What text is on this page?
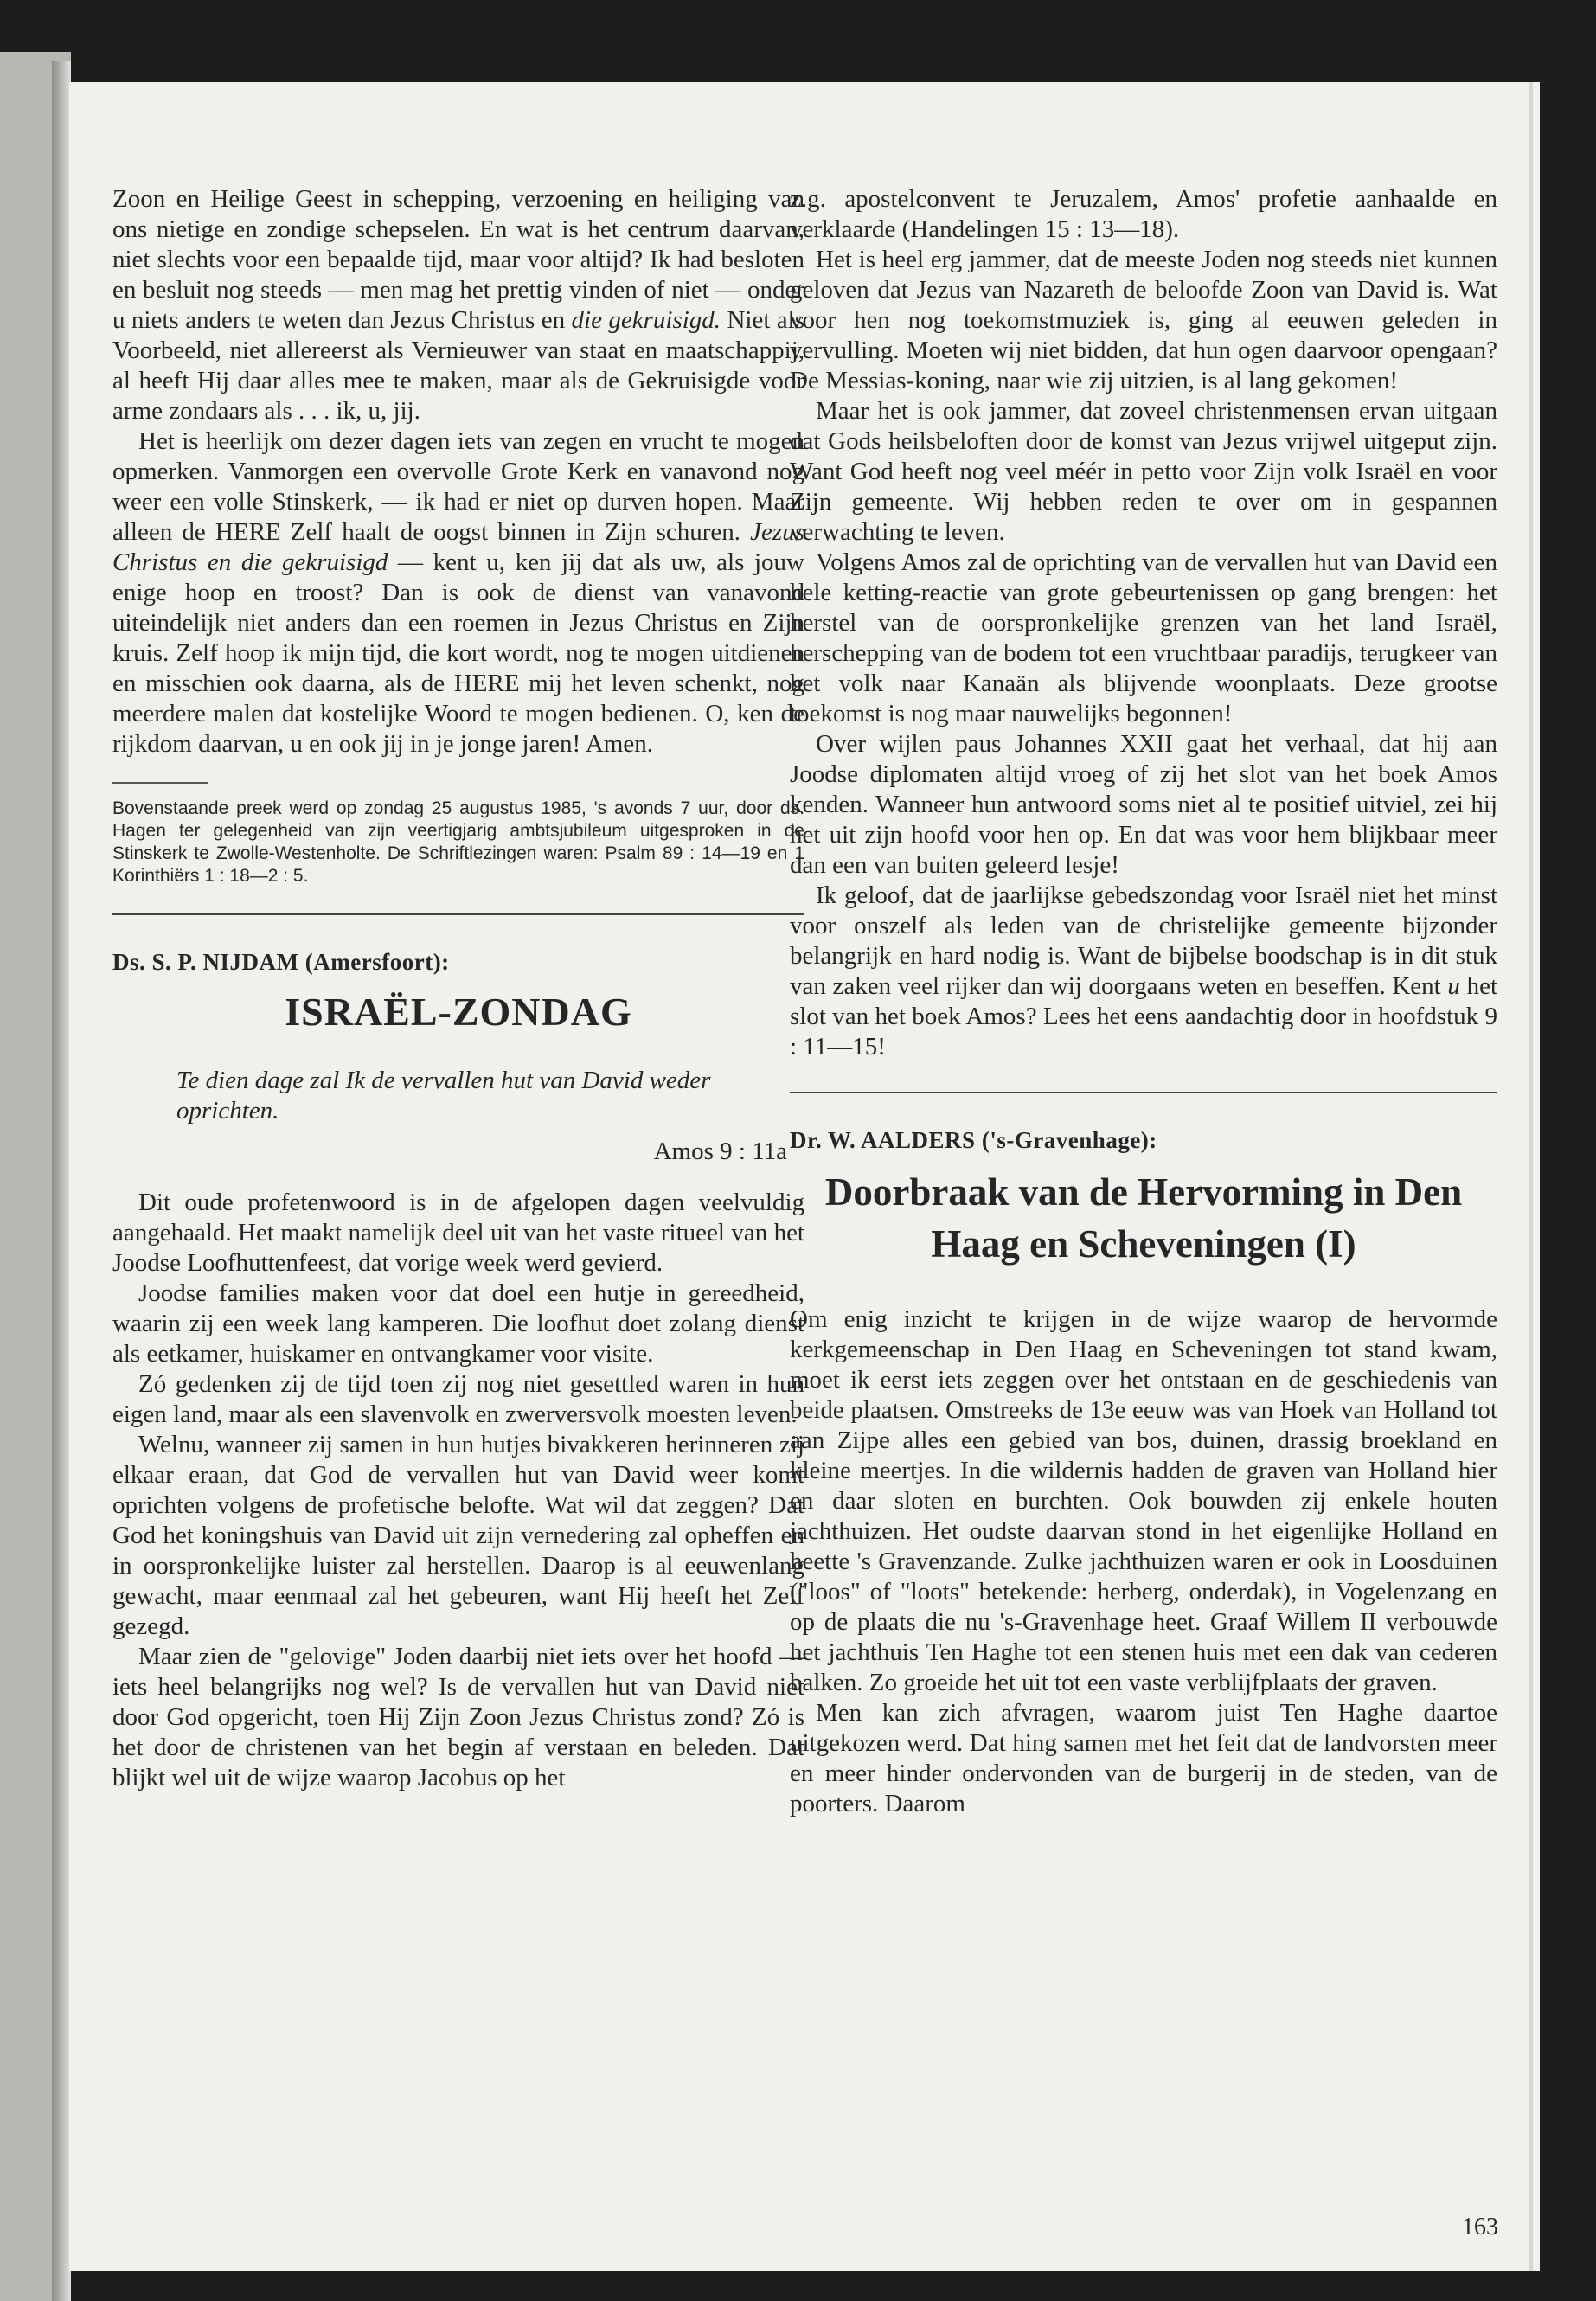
Zoon en Heilige Geest in schepping, verzoening en heiliging van ons nietige en zondige schepselen. En wat is het centrum daarvan, niet slechts voor een bepaalde tijd, maar voor altijd? Ik had besloten en besluit nog steeds — men mag het prettig vinden of niet — onder u niets anders te weten dan Jezus Christus en die gekruisigd. Niet als Voorbeeld, niet allereerst als Vernieuwer van staat en maatschappij, al heeft Hij daar alles mee te maken, maar als de Gekruisigde voor arme zondaars als . . . ik, u, jij.

Het is heerlijk om dezer dagen iets van zegen en vrucht te mogen opmerken. Vanmorgen een overvolle Grote Kerk en vanavond nog weer een volle Stinskerk, — ik had er niet op durven hopen. Maar alleen de HERE Zelf haalt de oogst binnen in Zijn schuren. Jezus Christus en die gekruisigd — kent u, ken jij dat als uw, als jouw enige hoop en troost? Dan is ook de dienst van vanavond uiteindelijk niet anders dan een roemen in Jezus Christus en Zijn kruis. Zelf hoop ik mijn tijd, die kort wordt, nog te mogen uitdienen en misschien ook daarna, als de HERE mij het leven schenkt, nog meerdere malen dat kostelijke Woord te mogen bedienen. O, ken de rijkdom daarvan, u en ook jij in je jonge jaren! Amen.

Bovenstaande preek werd op zondag 25 augustus 1985, 's avonds 7 uur, door ds. Hagen ter gelegenheid van zijn veertigjarig ambtsjubileum uitgesproken in de Stinskerk te Zwolle-Westenholte. De Schriftlezingen waren: Psalm 89 : 14—19 en 1 Korinthiërs 1 : 18—2 : 5.

Ds. S. P. NIJDAM (Amersfoort):

ISRAËL-ZONDAG

Te dien dage zal Ik de vervallen hut van David weder oprichten.

Amos 9 : 11a

Dit oude profetenwoord is in de afgelopen dagen veelvuldig aangehaald. Het maakt namelijk deel uit van het vaste ritueel van het Joodse Loofhuttenfeest, dat vorige week werd gevierd.

Joodse families maken voor dat doel een hutje in gereedheid, waarin zij een week lang kamperen. Die loofhut doet zolang dienst als eetkamer, huiskamer en ontvangkamer voor visite.

Zó gedenken zij de tijd toen zij nog niet gesettled waren in hun eigen land, maar als een slavenvolk en zwerversvolk moesten leven.

Welnu, wanneer zij samen in hun hutjes bivakkeren herinneren zij elkaar eraan, dat God de vervallen hut van David weer komt oprichten volgens de profetische belofte. Wat wil dat zeggen? Dat God het koningshuis van David uit zijn vernedering zal opheffen en in oorspronkelijke luister zal herstellen. Daarop is al eeuwenlang gewacht, maar eenmaal zal het gebeuren, want Hij heeft het Zelf gezegd.

Maar zien de "gelovige" Joden daarbij niet iets over het hoofd — iets heel belangrijks nog wel? Is de vervallen hut van David niet door God opgericht, toen Hij Zijn Zoon Jezus Christus zond? Zó is het door de christenen van het begin af verstaan en beleden. Dat blijkt wel uit de wijze waarop Jacobus op het

z.g. apostelconvent te Jeruzalem, Amos' profetie aanhaalde en verklaarde (Handelingen 15 : 13—18).

Het is heel erg jammer, dat de meeste Joden nog steeds niet kunnen geloven dat Jezus van Nazareth de beloofde Zoon van David is. Wat voor hen nog toekomstmuziek is, ging al eeuwen geleden in vervulling. Moeten wij niet bidden, dat hun ogen daarvoor opengaan? De Messias-koning, naar wie zij uitzien, is al lang gekomen!

Maar het is ook jammer, dat zoveel christenmensen ervan uitgaan dat Gods heilsbeloften door de komst van Jezus vrijwel uitgeput zijn. Want God heeft nog veel méér in petto voor Zijn volk Israël en voor Zijn gemeente. Wij hebben reden te over om in gespannen verwachting te leven.

Volgens Amos zal de oprichting van de vervallen hut van David een hele ketting-reactie van grote gebeurtenissen op gang brengen: het herstel van de oorspronkelijke grenzen van het land Israël, herschepping van de bodem tot een vruchtbaar paradijs, terugkeer van het volk naar Kanaän als blijvende woonplaats. Deze grootse toekomst is nog maar nauwelijks begonnen!

Over wijlen paus Johannes XXII gaat het verhaal, dat hij aan Joodse diplomaten altijd vroeg of zij het slot van het boek Amos kenden. Wanneer hun antwoord soms niet al te positief uitviel, zei hij het uit zijn hoofd voor hen op. En dat was voor hem blijkbaar meer dan een van buiten geleerd lesje!

Ik geloof, dat de jaarlijkse gebedszondag voor Israël niet het minst voor onszelf als leden van de christelijke gemeente bijzonder belangrijk en hard nodig is. Want de bijbelse boodschap is in dit stuk van zaken veel rijker dan wij doorgaans weten en beseffen. Kent u het slot van het boek Amos? Lees het eens aandachtig door in hoofdstuk 9 : 11—15!

Dr. W. AALDERS ('s-Gravenhage):

Doorbraak van de Hervorming in Den
Haag en Scheveningen (I)

Om enig inzicht te krijgen in de wijze waarop de hervormde kerkgemeenschap in Den Haag en Scheveningen tot stand kwam, moet ik eerst iets zeggen over het ontstaan en de geschiedenis van beide plaatsen. Omstreeks de 13e eeuw was van Hoek van Holland tot aan Zijpe alles een gebied van bos, duinen, drassig broekland en kleine meertjes. In die wildernis hadden de graven van Holland hier en daar sloten en burchten. Ook bouwden zij enkele houten jachthuizen. Het oudste daarvan stond in het eigenlijke Holland en heette 's Gravenzande. Zulke jachthuizen waren er ook in Loosduinen ("loos" of "loots" betekende: herberg, onderdak), in Vogelenzang en op de plaats die nu 's-Gravenhage heet. Graaf Willem II verbouwde het jachthuis Ten Haghe tot een stenen huis met een dak van cederen balken. Zo groeide het uit tot een vaste verblijfplaats der graven.

Men kan zich afvragen, waarom juist Ten Haghe daartoe uitgekozen werd. Dat hing samen met het feit dat de landvorsten meer en meer hinder ondervonden van de burgerij in de steden, van de poorters. Daarom

163
